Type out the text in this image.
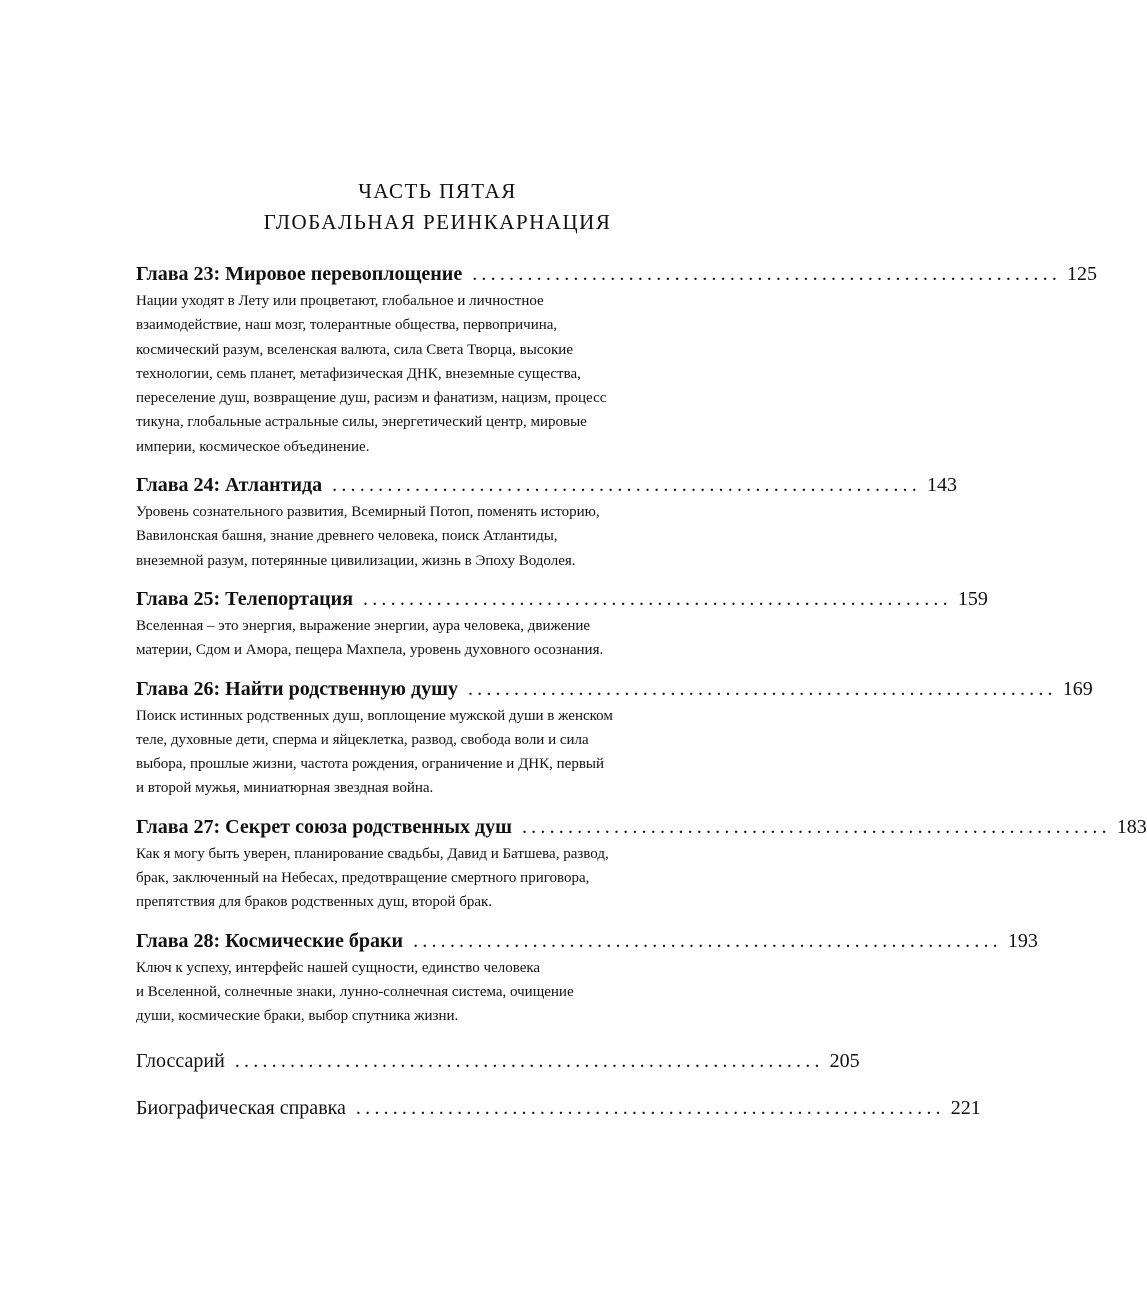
ЧАСТЬ ПЯТАЯ
ГЛОБАЛЬНАЯ РЕИНКАРНАЦИЯ
Глава 23: Мировое перевоплощение ................................................................ 125
Нации уходят в Лету или процветают, глобальное и личностное
взаимодействие, наш мозг, толерантные общества, первопричина,
космический разум, вселенская валюта, сила Света Творца, высокие
технологии, семь планет, метафизическая ДНК, внеземные существа,
переселение душ, возвращение душ, расизм и фанатизм, нацизм, процесс
тикуна, глобальные астральные силы, энергетический центр, мировые
империи, космическое объединение.
Глава 24: Атлантида ................................................................ 143
Уровень сознательного развития, Всемирный Потоп, поменять историю,
Вавилонская башня, знание древнего человека, поиск Атлантиды,
внеземной разум, потерянные цивилизации, жизнь в Эпоху Водолея.
Глава 25: Телепортация ................................................................ 159
Вселенная – это энергия, выражение энергии, аура человека, движение
материи, Сдом и Амора, пещера Махпела, уровень духовного осознания.
Глава 26: Найти родственную душу ................................................................ 169
Поиск истинных родственных душ, воплощение мужской души в женском
теле, духовные дети, сперма и яйцеклетка, развод, свобода воли и сила
выбора, прошлые жизни, частота рождения, ограничение и ДНК, первый
и второй мужья, миниатюрная звездная война.
Глава 27: Секрет союза родственных душ ................................................................ 183
Как я могу быть уверен, планирование свадьбы, Давид и Батшева, развод,
брак, заключенный на Небесах, предотвращение смертного приговора,
препятствия для браков родственных душ, второй брак.
Глава 28: Космические браки ................................................................ 193
Ключ к успеху, интерфейс нашей сущности, единство человека
и Вселенной, солнечные знаки, лунно-солнечная система, очищение
души, космические браки, выбор спутника жизни.
Глоссарий ................................................................ 205
Биографическая справка ................................................................ 221
